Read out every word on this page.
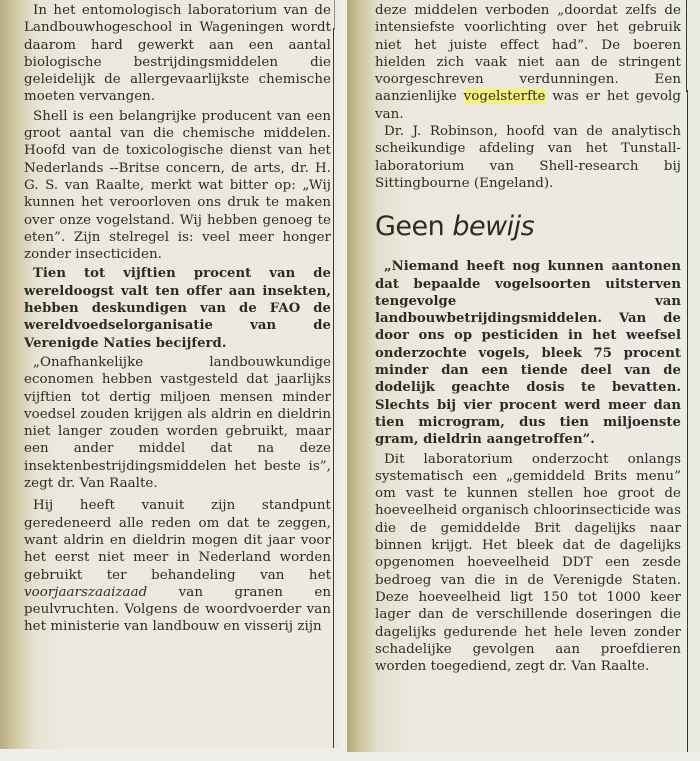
In het entomologisch laboratorium van de Landbouwhogeschool in Wageningen wordt daarom hard gewerkt aan een aantal biologische bestrijdingsmiddelen die geleidelijk de allergevaarlijkste chemische moeten vervangen.

Shell is een belangrijke producent van een groot aantal van die chemische middelen. Hoofd van de toxicologische dienst van het Nederlands --Britse concern, de arts, dr. H. G. S. van Raalte, merkt wat bitter op: „Wij kunnen het veroorloven ons druk te maken over onze vogelstand. Wij hebben genoeg te eten”. Zijn stelregel is: veel meer honger zonder insecticiden.

Tien tot vijftien procent van de wereldoogst valt ten offer aan insekten, hebben deskundigen van de FAO de wereldvoedselorganisatie van de Verenigde Naties becijferd.

„Onafhankelijke landbouwkundige economen hebben vastgesteld dat jaarlijks vijftien tot dertig miljoen mensen minder voedsel zouden krijgen als aldrin en dieldrin niet langer zouden worden gebruikt, maar een ander middel dat na deze insektenbestrijdingsmiddelen het beste is”, zegt dr. Van Raalte.

Hij heeft vanuit zijn standpunt geredeneerd alle reden om dat te zeggen, want aldrin en dieldrin mogen dit jaar voor het eerst niet meer in Nederland worden gebruikt ter behandeling van het voorjaarszaaizaad van granen en peulvruchten. Volgens de woordvoerder van het ministerie van landbouw en visserij zijn

deze middelen verboden „doordat zelfs de intensiefste voorlichting over het gebruik niet het juiste effect had”. De boeren hielden zich vaak niet aan de stringent voorgeschreven verdunningen. Een aanzienlijke vogelsterfte was er het gevolg van.

Dr. J. Robinson, hoofd van de analytisch scheikundige afdeling van het Tunstall-laboratorium van Shell-research bij Sittingbourne (Engeland).

Geen bewijs

„Niemand heeft nog kunnen aantonen dat bepaalde vogelsoorten uitsterven tengevolge van landbouwbetrijdingsmiddelen. Van de door ons op pesticiden in het weefsel onderzochte vogels, bleek 75 procent minder dan een tiende deel van de dodelijk geachte dosis te bevatten. Slechts bij vier procent werd meer dan tien microgram, dus tien miljoenste gram, dieldrin aangetroffen”.

Dit laboratorium onderzocht onlangs systematisch een „gemiddeld Brits menu” om vast te kunnen stellen hoe groot de hoeveelheid organisch chloorinsecticide was die de gemiddelde Brit dagelijks naar binnen krijgt. Het bleek dat de dagelijks opgenomen hoeveelheid DDT een zesde bedroeg van die in de Verenigde Staten. Deze hoeveelheid ligt 150 tot 1000 keer lager dan de verschillende doseringen die dagelijks gedurende het hele leven zonder schadelijke gevolgen aan proefdieren worden toegediend, zegt dr. Van Raalte.
